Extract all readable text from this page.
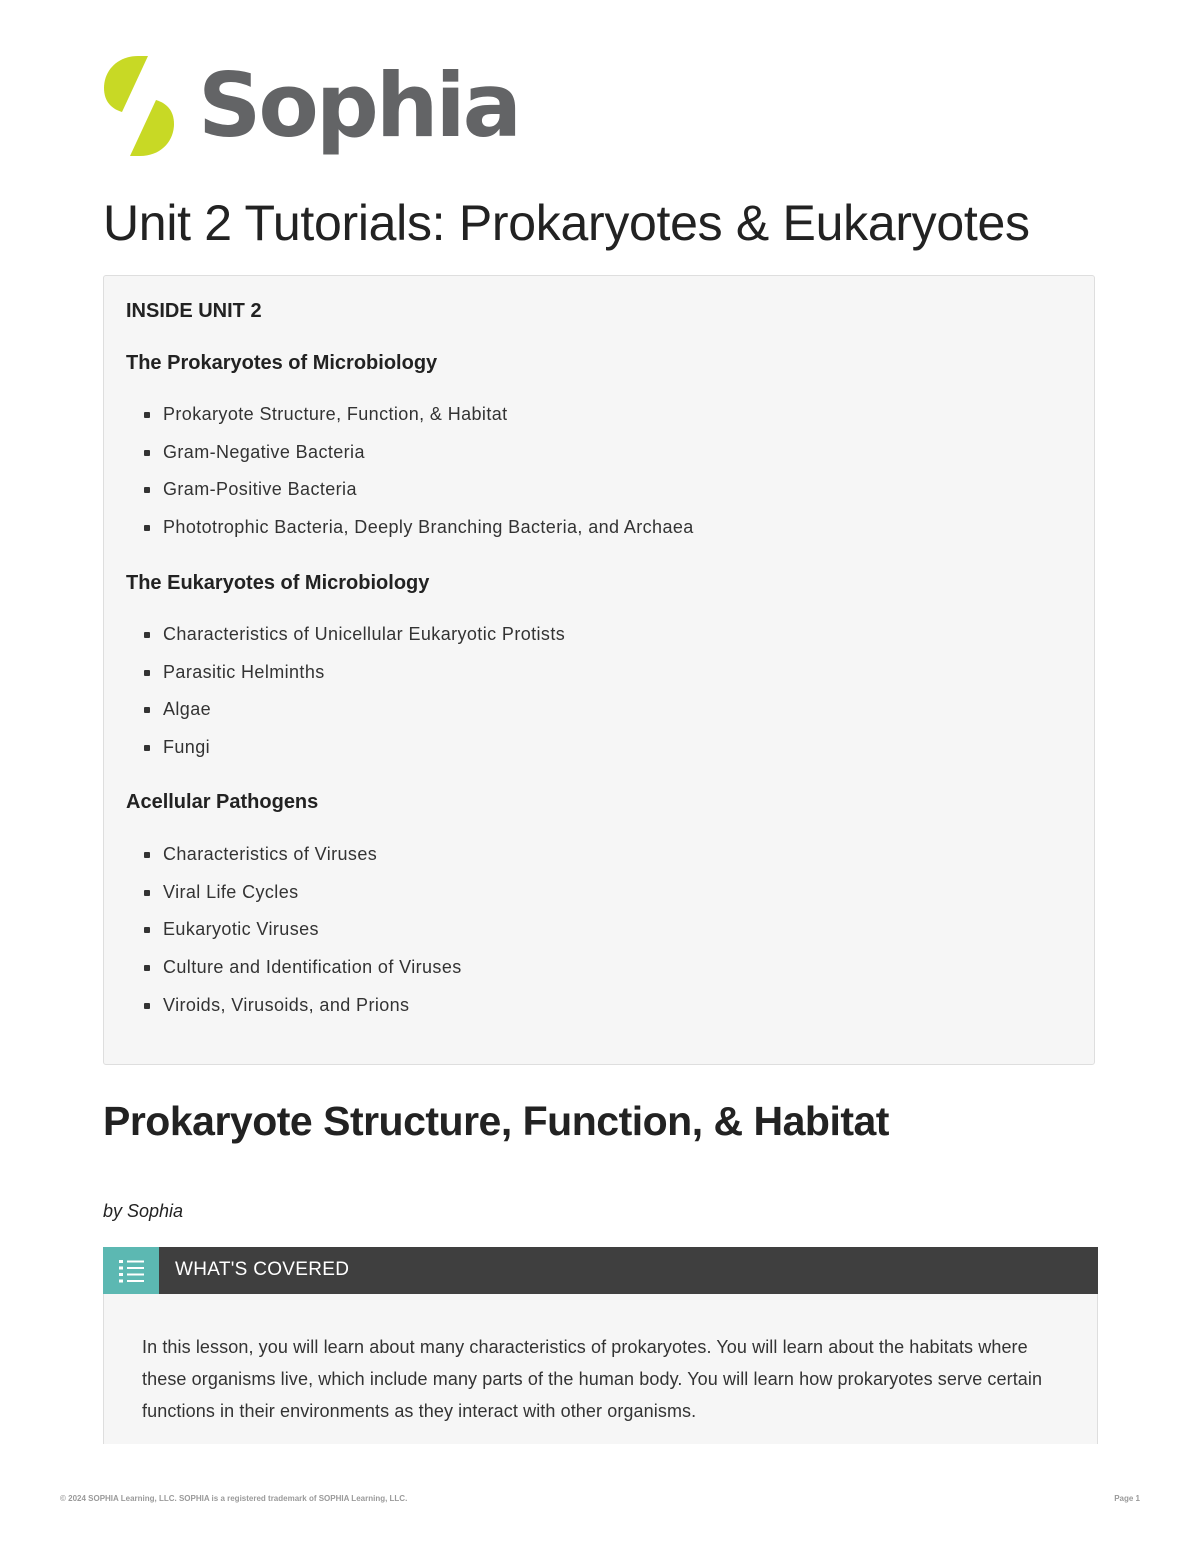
Sophia
Unit 2 Tutorials: Prokaryotes & Eukaryotes

INSIDE UNIT 2

The Prokaryotes of Microbiology

Prokaryote Structure, Function, & Habitat
Gram-Negative Bacteria
Gram-Positive Bacteria
Phototrophic Bacteria, Deeply Branching Bacteria, and Archaea

The Eukaryotes of Microbiology

Characteristics of Unicellular Eukaryotic Protists
Parasitic Helminths
Algae
Fungi

Acellular Pathogens

Characteristics of Viruses
Viral Life Cycles
Eukaryotic Viruses
Culture and Identification of Viruses
Viroids, Virusoids, and Prions
Prokaryote Structure, Function, & Habitat
by Sophia
WHAT'S COVERED

In this lesson, you will learn about many characteristics of prokaryotes. You will learn about the habitats where these organisms live, which include many parts of the human body. You will learn how prokaryotes serve certain functions in their environments as they interact with other organisms.

© 2024 SOPHIA Learning, LLC. SOPHIA is a registered trademark of SOPHIA Learning, LLC.	Page 1
